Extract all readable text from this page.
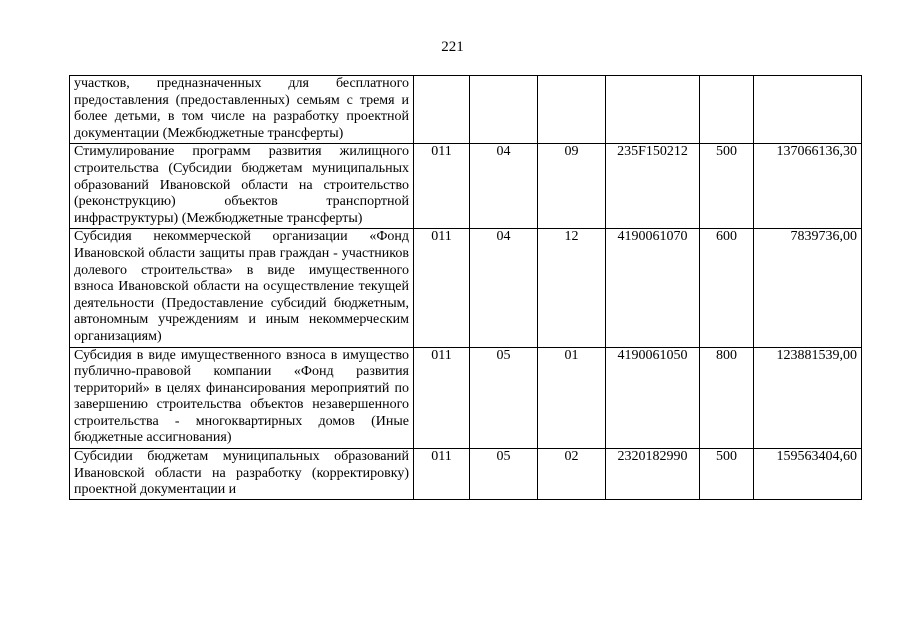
221
участков, предназначенных для бесплатного предоставления (предоставленных) семьям с тремя и более детьми, в том числе на разработку проектной документации (Межбюджетные трансферты)						
Стимулирование программ развития жилищного строительства (Субсидии бюджетам муниципальных образований Ивановской области на строительство (реконструкцию) объектов транспортной инфраструктуры) (Межбюджетные трансферты)	011	04	09	235F150212	500	137066136,30
Субсидия некоммерческой организации «Фонд Ивановской области защиты прав граждан - участников долевого строительства» в виде имущественного взноса Ивановской области на осуществление текущей деятельности (Предоставление субсидий бюджетным, автономным учреждениям и иным некоммерческим организациям)	011	04	12	4190061070	600	7839736,00
Субсидия в виде имущественного взноса в имущество публично-правовой компании «Фонд развития территорий» в целях финансирования мероприятий по завершению строительства объектов незавершенного строительства - многоквартирных домов (Иные бюджетные ассигнования)	011	05	01	4190061050	800	123881539,00

Субсидии бюджетам муниципальных образований Ивановской области на разработку (корректировку) проектной документации и	011	05	02	2320182990	500	159563404,60
